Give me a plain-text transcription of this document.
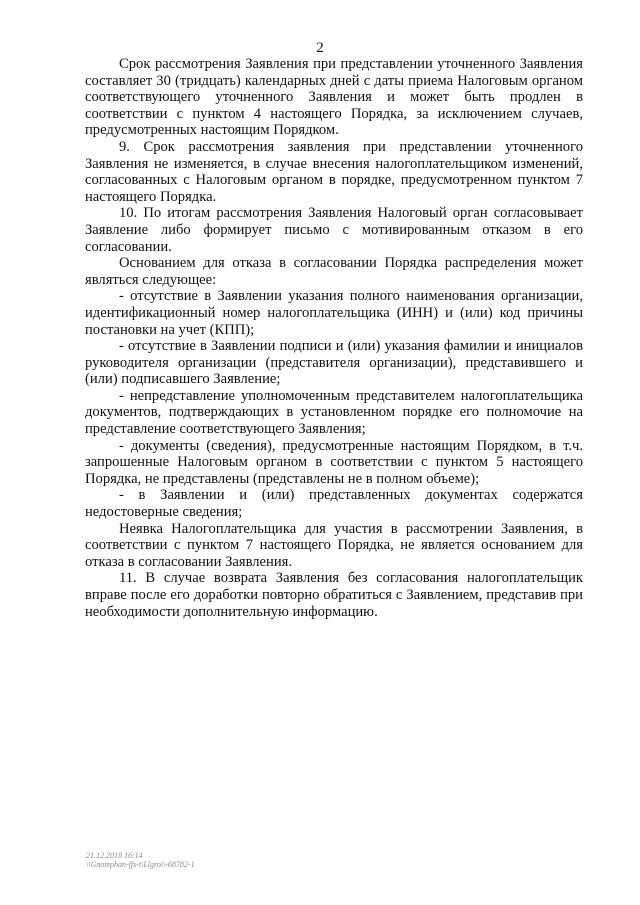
2

Срок рассмотрения Заявления при представлении уточненного Заявления составляет 30 (тридцать) календарных дней с даты приема Налоговым органом соответствующего уточненного Заявления и может быть продлен в соответствии с пунктом 4 настоящего Порядка, за исключением случаев, предусмотренных настоящим Порядком.

9. Срок рассмотрения заявления при представлении уточненного Заявления не изменяется, в случае внесения налогоплательщиком изменений, согласованных с Налоговым органом в порядке, предусмотренном пунктом 7 настоящего Порядка.

10. По итогам рассмотрения Заявления Налоговый орган согласовывает Заявление либо формирует письмо с мотивированным отказом в его согласовании.

Основанием для отказа в согласовании Порядка распределения может являться следующее:

- отсутствие в Заявлении указания полного наименования организации, идентификационный номер налогоплательщика (ИНН) и (или) код причины постановки на учет (КПП);

- отсутствие в Заявлении подписи и (или) указания фамилии и инициалов руководителя организации (представителя организации), представившего и (или) подписавшего Заявление;

- непредставление уполномоченным представителем налогоплательщика документов, подтверждающих в установленном порядке его полномочие на представление соответствующего Заявления;

- документы (сведения), предусмотренные настоящим Порядком, в т.ч. запрошенные Налоговым органом в соответствии с пунктом 5 настоящего Порядка, не представлены (представлены не в полном объеме);

- в Заявлении и (или) представленных документах содержатся недостоверные сведения;

Неявка Налогоплательщика для участия в рассмотрении Заявления, в соответствии с пунктом 7 настоящего Порядка, не является основанием для отказа в согласовании Заявления.

11. В случае возврата Заявления без согласования налогоплательщик вправе после его доработки повторно обратиться с Заявлением, представив при необходимости дополнительную информацию.

21.12.2018 16:14
\\Gnomphan-ffs-t\Llgroi\-68782-1
